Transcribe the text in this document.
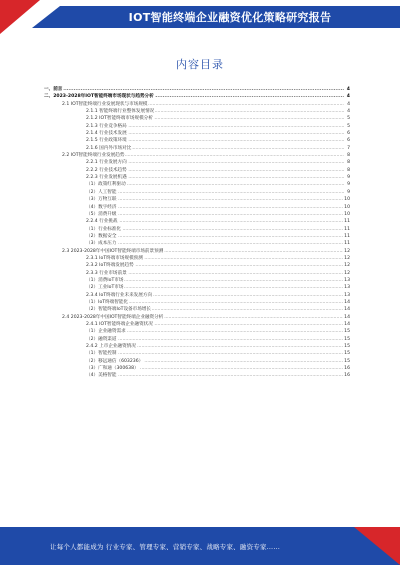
IOT智能终端企业融资优化策略研究报告
内容目录
.....
一、前言	4
.....
二、2023-2028年IOT智能终端市场现状与趋势分析	4
.....
2.1 IOT智能终端行业发展现状与市场规模	4
.....
2.1.1 智能终端行业整体发展情况	4
.....
2.1.2 IOT智能终端市场规模分析	5
.....
2.1.3 行业竞争格局	5
.....
2.1.4 行业技术发展	6
.....
2.1.5 行业政策环境	6
.....
2.1.6 国内外市场对比	7
.....
2.2 IOT智能终端行业发展趋势	8
.....
2.2.1 行业发展方向	8
.....
2.2.2 行业技术趋势	8
.....
2.2.3 行业发展机遇	9
.....
（1）政策红利驱动	9
.....
（2）人工智能	9
.....
（3）万物互联	10
.....
（4）数字经济	10
.....
（5）消费升级	10
.....
2.2.4 行业挑战	11
.....
（1）行业标准化	11
.....
（2）数据安全	11
.....
（3）成本压力	11
.....
2.3 2023-2028年中国IOT智能终端市场前景预测	12
.....
2.3.1 IoT终端市场规模预测	12
.....
2.3.2 IoT终端发展趋势	12
.....
2.3.3 行业市场前景	12
.....
（1）消费IoT市场	13
.....
（2）工业IoT市场	13
.....
2.3.4 IoT终端行业未来发展方向	13
.....
（1）IoT终端智能化	14
.....
（2）智能终端IoT设备市场增长	14
.....
2.4 2023-2028年中国IOT智能终端企业融资分析	14
.....
2.4.1 IOT智能终端企业融资状况	14
.....
（1）企业融资需求	15
.....
（2）融资渠道	15
.....
2.4.2 上市企业融资情况	15
.....
（1）智能控制	15
.....
（2）移远通信（603236）	15
.....
（3）广和通（300638）	16
.....
（4）美格智能	16
让每个人都能成为 行业专家、管理专家、营销专家、战略专家、融资专家……
